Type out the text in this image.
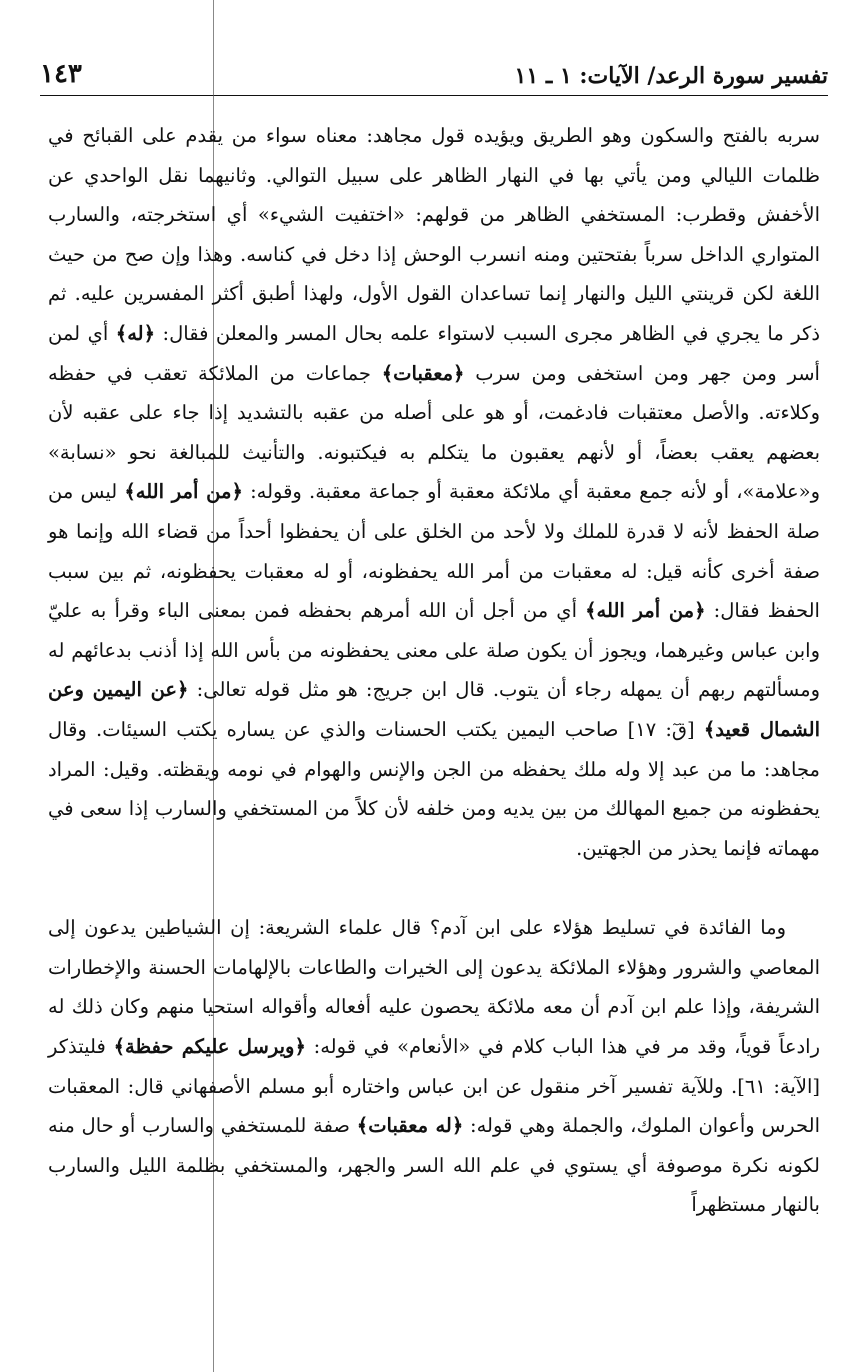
تفسير سورة الرعد/ الآيات: ١ ـ ١١
١٤٣

سربه بالفتح والسكون وهو الطريق ويؤيده قول مجاهد: معناه سواء من يقدم على القبائح في ظلمات الليالي ومن يأتي بها في النهار الظاهر على سبيل التوالي. وثانيهما نقل الواحدي عن الأخفش وقطرب: المستخفي الظاهر من قولهم: «اختفيت الشيء» أي استخرجته، والسارب المتواري الداخل سرباً بفتحتين ومنه انسرب الوحش إذا دخل في كناسه. وهذا وإن صح من حيث اللغة لكن قرينتي الليل والنهار إنما تساعدان القول الأول، ولهذا أطبق أكثر المفسرين عليه. ثم ذكر ما يجري في الظاهر مجرى السبب لاستواء علمه بحال المسر والمعلن فقال: ﴿له﴾ أي لمن أسر ومن جهر ومن استخفى ومن سرب ﴿معقبات﴾ جماعات من الملائكة تعقب في حفظه وكلاءته. والأصل معتقبات فادغمت، أو هو على أصله من عقبه بالتشديد إذا جاء على عقبه لأن بعضهم يعقب بعضاً، أو لأنهم يعقبون ما يتكلم به فيكتبونه. والتأنيث للمبالغة نحو «نسابة» و«علامة»، أو لأنه جمع معقبة أي ملائكة معقبة أو جماعة معقبة. وقوله: ﴿من أمر الله﴾ ليس من صلة الحفظ لأنه لا قدرة للملك ولا لأحد من الخلق على أن يحفظوا أحداً من قضاء الله وإنما هو صفة أخرى كأنه قيل: له معقبات من أمر الله يحفظونه، أو له معقبات يحفظونه، ثم بين سبب الحفظ فقال: ﴿من أمر الله﴾ أي من أجل أن الله أمرهم بحفظه فمن بمعنى الباء وقرأ به عليّ وابن عباس وغيرهما، ويجوز أن يكون صلة على معنى يحفظونه من بأس الله إذا أذنب بدعائهم له ومسألتهم ربهم أن يمهله رجاء أن يتوب. قال ابن جريج: هو مثل قوله تعالى: ﴿عن اليمين وعن الشمال قعيد﴾ [قٓ: ١٧] صاحب اليمين يكتب الحسنات والذي عن يساره يكتب السيئات. وقال مجاهد: ما من عبد إلا وله ملك يحفظه من الجن والإنس والهوام في نومه ويقظته. وقيل: المراد يحفظونه من جميع المهالك من بين يديه ومن خلفه لأن كلاً من المستخفي والسارب إذا سعى في مهماته فإنما يحذر من الجهتين.

وما الفائدة في تسليط هؤلاء على ابن آدم؟ قال علماء الشريعة: إن الشياطين يدعون إلى المعاصي والشرور وهؤلاء الملائكة يدعون إلى الخيرات والطاعات بالإلهامات الحسنة والإخطارات الشريفة، وإذا علم ابن آدم أن معه ملائكة يحصون عليه أفعاله وأقواله استحيا منهم وكان ذلك له رادعاً قوياً، وقد مر في هذا الباب كلام في «الأنعام» في قوله: ﴿ويرسل عليكم حفظة﴾ فليتذكر [الآية: ٦١]. وللآية تفسير آخر منقول عن ابن عباس واختاره أبو مسلم الأصفهاني قال: المعقبات الحرس وأعوان الملوك، والجملة وهي قوله: ﴿له معقبات﴾ صفة للمستخفي والسارب أو حال منه لكونه نكرة موصوفة أي يستوي في علم الله السر والجهر، والمستخفي بظلمة الليل والسارب بالنهار مستظهراً
